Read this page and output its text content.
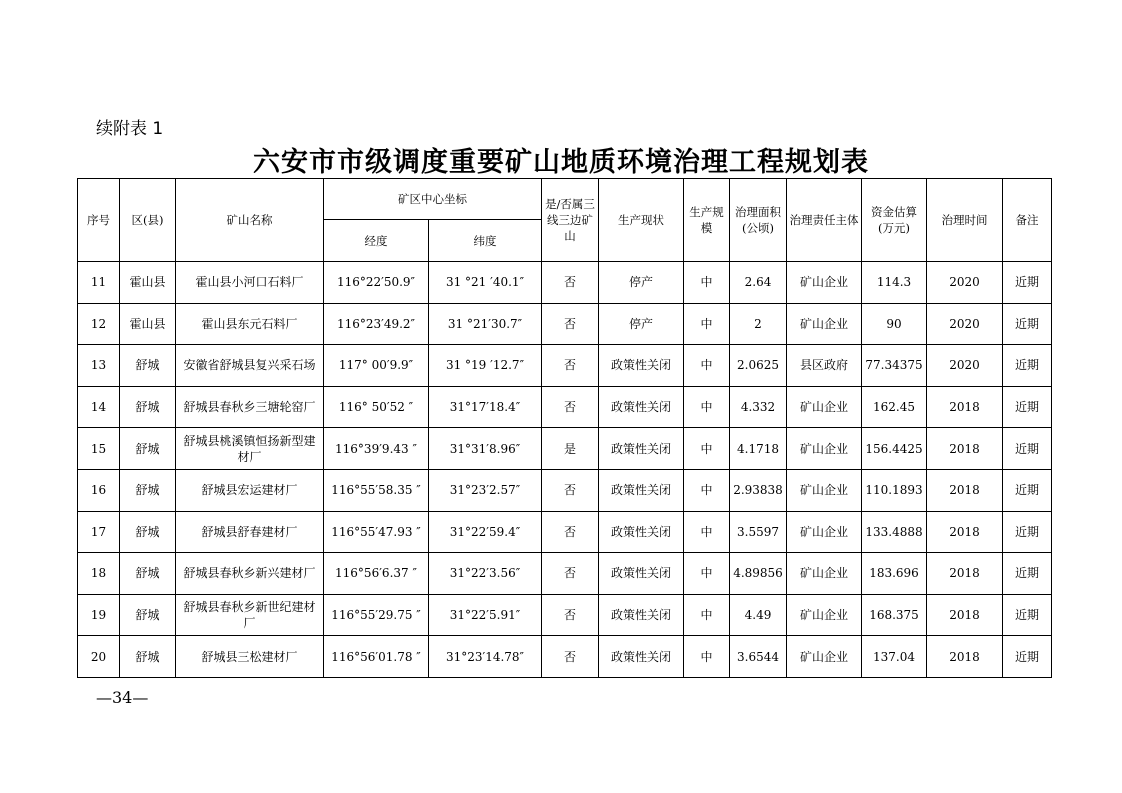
续附表 1
六安市市级调度重要矿山地质环境治理工程规划表
序号	区(县)	矿山名称	矿区中心坐标		是/否属三线三边矿山	生产现状	生产规模	治理面积(公顷)	治理责任主体	资金估算(万元)	治理时间	备注
			经度	纬度								
11	霍山县	霍山县小河口石料厂	116°22′50.9″	31 °21 ′40.1″	否	停产	中	2.64	矿山企业	114.3	2020	近期
12	霍山县	霍山县东元石料厂	116°23′49.2″	31 °21′30.7″	否	停产	中	2	矿山企业	90	2020	近期
13	舒城	安徽省舒城县复兴采石场	117° 00′9.9″	31 °19 ′12.7″	否	政策性关闭	中	2.0625	县区政府	77.34375	2020	近期
14	舒城	舒城县春秋乡三塘轮窑厂	116° 50′52 ″	31°17′18.4″	否	政策性关闭	中	4.332	矿山企业	162.45	2018	近期
15	舒城	舒城县桃溪镇恒扬新型建材厂	116°39′9.43 ″	31°31′8.96″	是	政策性关闭	中	4.1718	矿山企业	156.4425	2018	近期
16	舒城	舒城县宏运建材厂	116°55′58.35 ″	31°23′2.57″	否	政策性关闭	中	2.93838	矿山企业	110.1893	2018	近期
17	舒城	舒城县舒春建材厂	116°55′47.93 ″	31°22′59.4″	否	政策性关闭	中	3.5597	矿山企业	133.4888	2018	近期
18	舒城	舒城县春秋乡新兴建材厂	116°56′6.37 ″	31°22′3.56″	否	政策性关闭	中	4.89856	矿山企业	183.696	2018	近期
19	舒城	舒城县春秋乡新世纪建材厂	116°55′29.75 ″	31°22′5.91″	否	政策性关闭	中	4.49	矿山企业	168.375	2018	近期
20	舒城	舒城县三松建材厂	116°56′01.78 ″	31°23′14.78″	否	政策性关闭	中	3.6544	矿山企业	137.04	2018	近期
—34—
